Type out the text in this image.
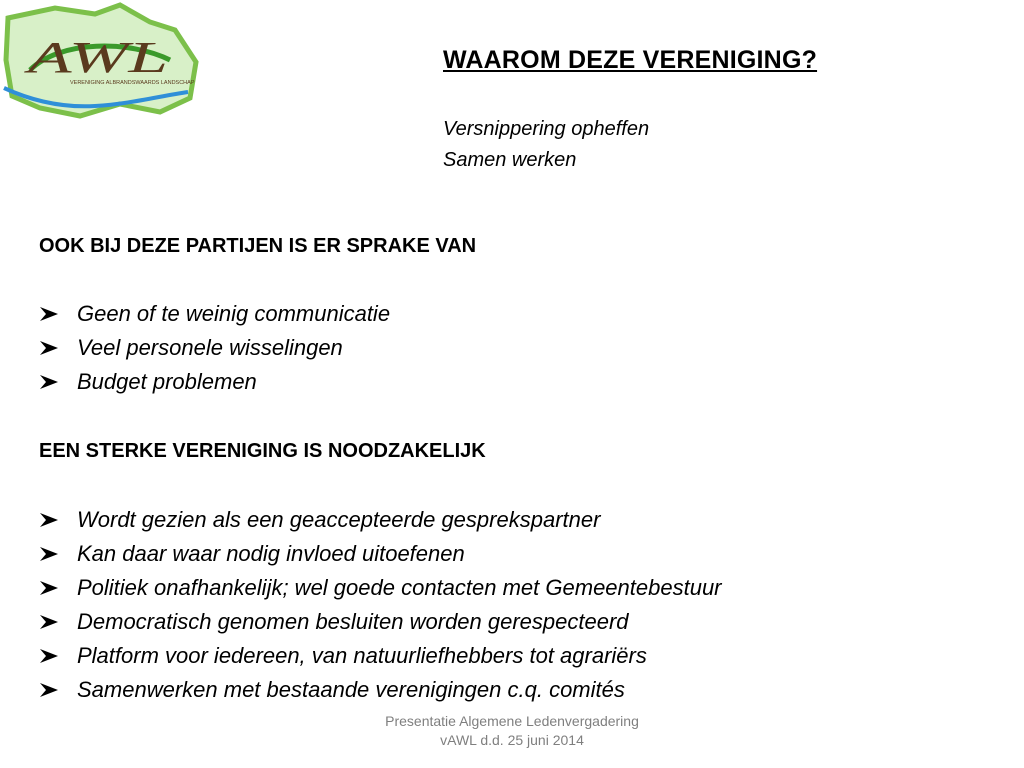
AWL
VERENIGING ALBRANDSWAARDS LANDSCHAP
WAAROM DEZE VERENIGING?
Versnippering opheffen
Samen werken
OOK BIJ DEZE PARTIJEN IS ER SPRAKE VAN
Geen of te weinig communicatie
Veel personele wisselingen
Budget problemen
EEN STERKE VERENIGING IS NOODZAKELIJK
Wordt gezien als een geaccepteerde gesprekspartner
Kan daar waar nodig invloed uitoefenen
Politiek onafhankelijk; wel goede contacten met Gemeentebestuur
Democratisch genomen besluiten worden gerespecteerd
Platform voor iedereen, van natuurliefhebbers tot agrariërs
Samenwerken met bestaande verenigingen c.q. comités
Presentatie Algemene Ledenvergadering
vAWL d.d. 25 juni 2014
